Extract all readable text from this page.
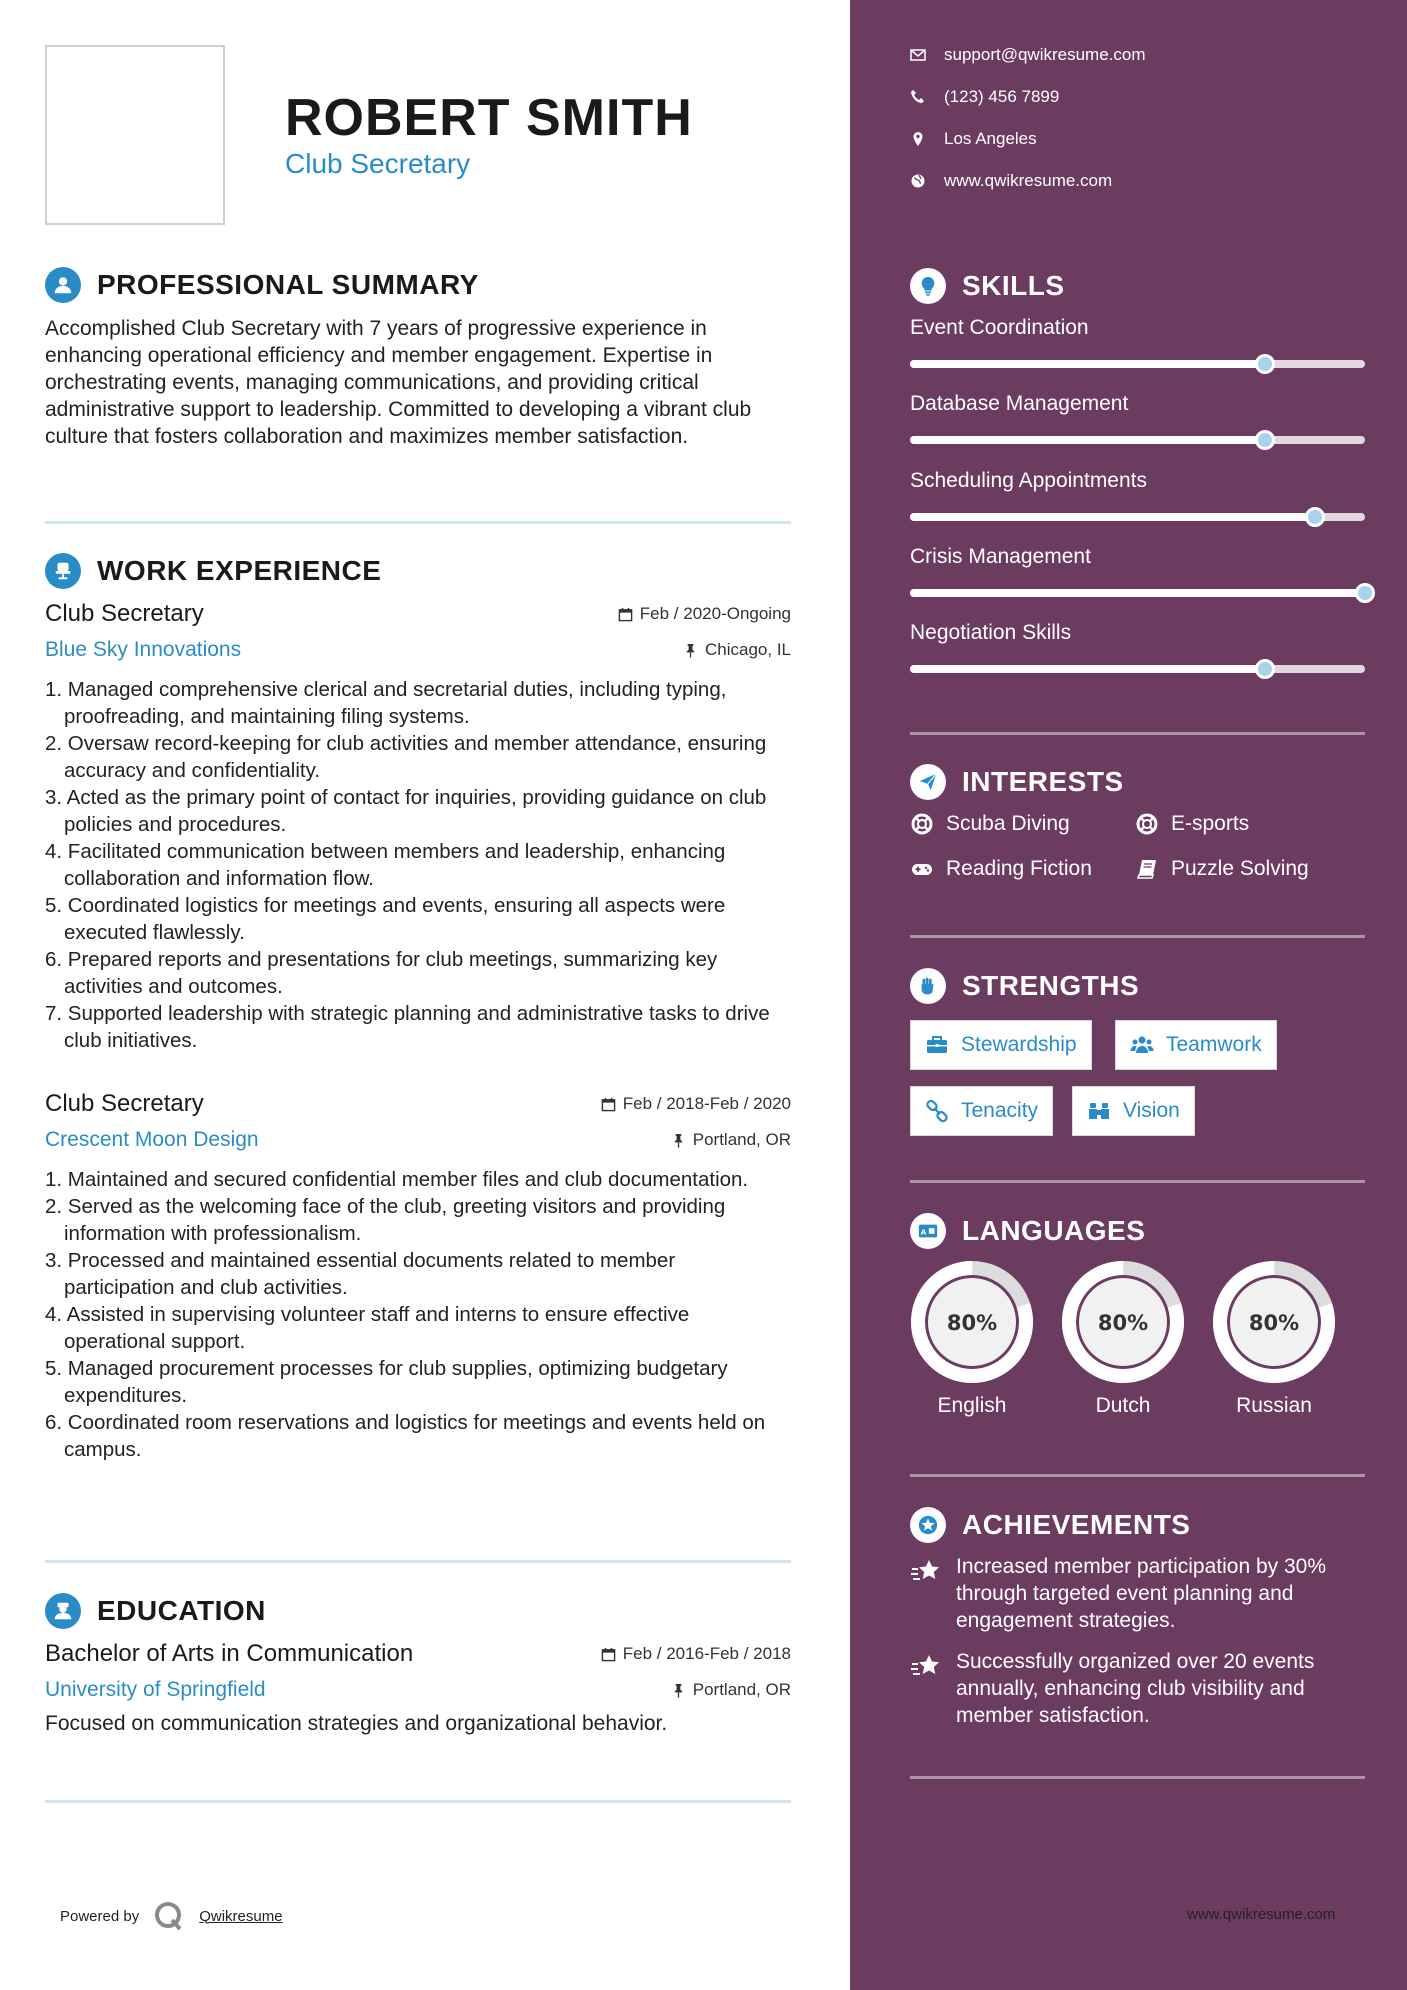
ROBERT SMITH
Club Secretary
PROFESSIONAL SUMMARY
Accomplished Club Secretary with 7 years of progressive experience in enhancing operational efficiency and member engagement. Expertise in orchestrating events, managing communications, and providing critical administrative support to leadership. Committed to developing a vibrant club culture that fosters collaboration and maximizes member satisfaction.
WORK EXPERIENCE
Club Secretary	Feb / 2020-Ongoing
Blue Sky Innovations	Chicago, IL
1. Managed comprehensive clerical and secretarial duties, including typing, proofreading, and maintaining filing systems.
2. Oversaw record-keeping for club activities and member attendance, ensuring accuracy and confidentiality.
3. Acted as the primary point of contact for inquiries, providing guidance on club policies and procedures.
4. Facilitated communication between members and leadership, enhancing collaboration and information flow.
5. Coordinated logistics for meetings and events, ensuring all aspects were executed flawlessly.
6. Prepared reports and presentations for club meetings, summarizing key activities and outcomes.
7. Supported leadership with strategic planning and administrative tasks to drive club initiatives.
Club Secretary	Feb / 2018-Feb / 2020
Crescent Moon Design	Portland, OR
1. Maintained and secured confidential member files and club documentation.
2. Served as the welcoming face of the club, greeting visitors and providing information with professionalism.
3. Processed and maintained essential documents related to member participation and club activities.
4. Assisted in supervising volunteer staff and interns to ensure effective operational support.
5. Managed procurement processes for club supplies, optimizing budgetary expenditures.
6. Coordinated room reservations and logistics for meetings and events held on campus.
EDUCATION
Bachelor of Arts in Communication	Feb / 2016-Feb / 2018
University of Springfield	Portland, OR
Focused on communication strategies and organizational behavior.
Powered by	Qwikresume
support@qwikresume.com
(123) 456 7899
Los Angeles
www.qwikresume.com
SKILLS
Event Coordination
Database Management
Scheduling Appointments
Crisis Management
Negotiation Skills
INTERESTS
Scuba Diving	E-sports
Reading Fiction	Puzzle Solving
STRENGTHS
Stewardship	Teamwork
Tenacity	Vision
A LANGUAGES
80%
English
80%
Dutch
80%
Russian
ACHIEVEMENTS
Increased member participation by 30% through targeted event planning and engagement strategies.
Successfully organized over 20 events annually, enhancing club visibility and member satisfaction.
www.qwikresume.com
